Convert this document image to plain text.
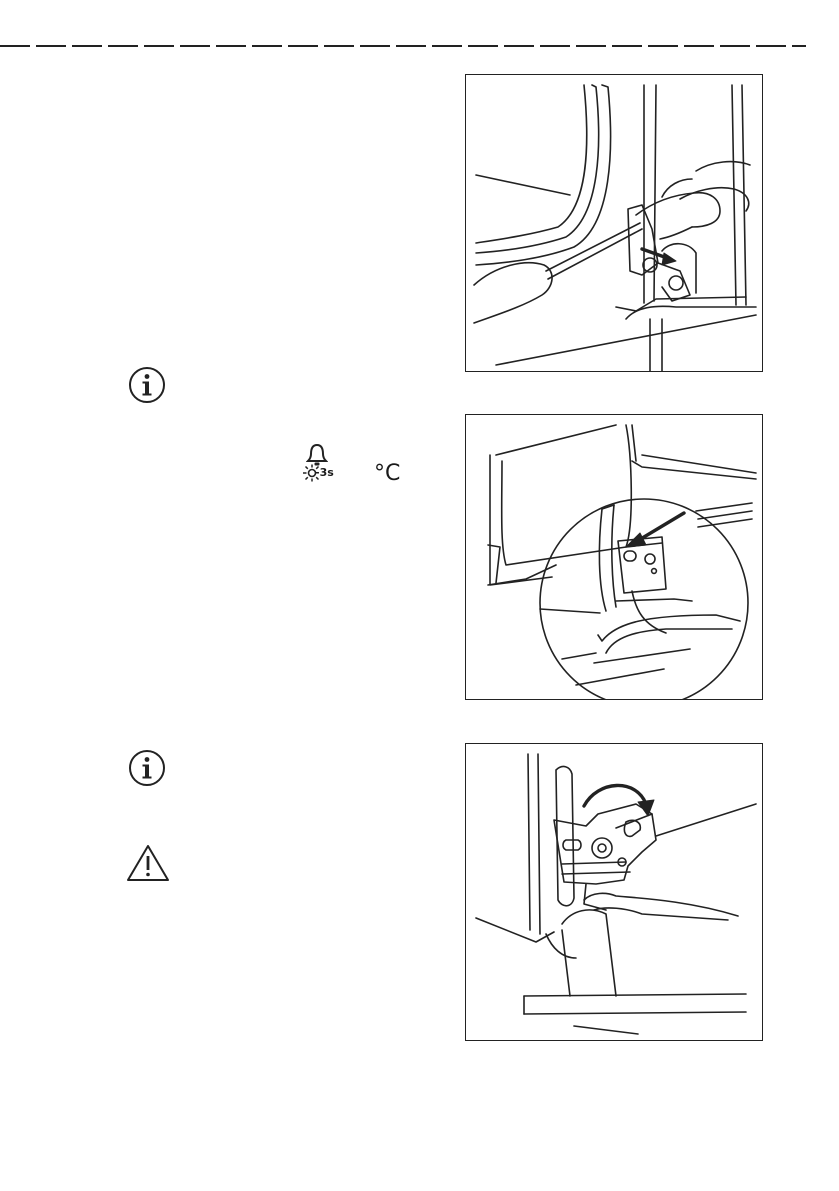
-3s °C
